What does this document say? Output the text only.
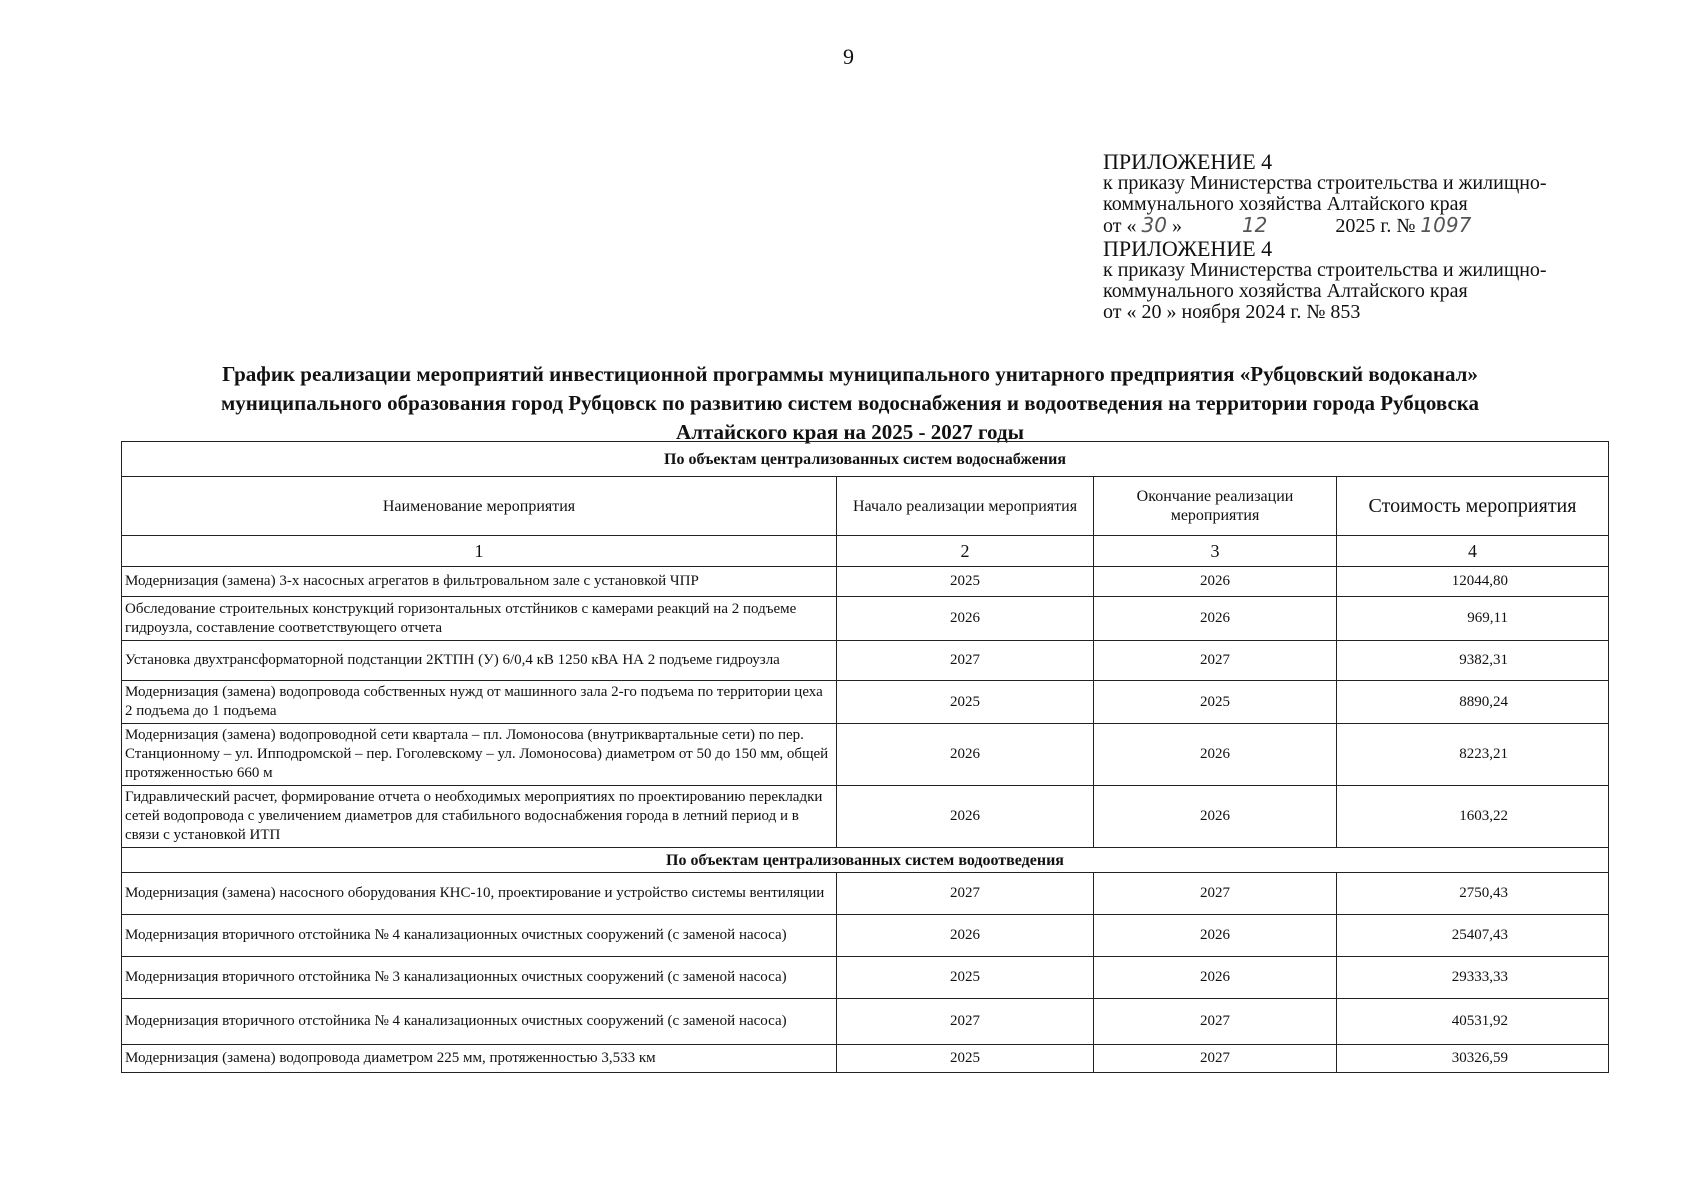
9
ПРИЛОЖЕНИЕ 4
к приказу Министерства строительства и жилищно-
коммунального хозяйства Алтайского края
от « 30 »	12	2025 г. № 1097
ПРИЛОЖЕНИЕ 4
к приказу Министерства строительства и жилищно-
коммунального хозяйства Алтайского края
от « 20 » ноября 2024 г. № 853
График реализации мероприятий инвестиционной программы муниципального унитарного предприятия «Рубцовский водоканал»
муниципального образования город Рубцовск по развитию систем водоснабжения и водоотведения на территории города Рубцовска
Алтайского края на 2025 - 2027 годы
По объектам централизованных систем водоснабжения			
Наименование мероприятия	Начало реализации мероприятия	Окончание реализации мероприятия	Стоимость мероприятия
1	2	3	4
Модернизация (замена) 3-х насосных агрегатов в фильтровальном зале с установкой ЧПР	2025	2026	12044,80
Обследование строительных конструкций горизонтальных отстйников с камерами реакций на 2 подъеме гидроузла, составление соответствующего отчета	2026	2026	969,11
Установка двухтрансформаторной подстанции 2КТПН (У) 6/0,4 кВ 1250 кВА НА 2 подъеме гидроузла	2027	2027	9382,31
Модернизация (замена) водопровода собственных нужд от машинного зала 2-го подъема по территории цеха 2 подъема до 1 подъема	2025	2025	8890,24
Модернизация (замена) водопроводной сети квартала – пл. Ломоносова (внутриквартальные сети) по пер. Станционному – ул. Ипподромской – пер. Гоголевскому – ул. Ломоносова) диаметром от 50 до 150 мм, общей протяженностью 660 м	2026	2026	8223,21
Гидравлический расчет, формирование отчета о необходимых мероприятиях по проектированию перекладки сетей водопровода с увеличением диаметров для стабильного водоснабжения города в летний период и в связи с установкой ИТП	2026	2026	1603,22
По объектам централизованных систем водоотведения			
Модернизация (замена) насосного оборудования КНС-10, проектирование и устройство системы вентиляции	2027	2027	2750,43
Модернизация вторичного отстойника № 4 канализационных очистных сооружений (с заменой насоса)	2026	2026	25407,43
Модернизация вторичного отстойника № 3 канализационных очистных сооружений (с заменой насоса)	2025	2026	29333,33
Модернизация вторичного отстойника № 4 канализационных очистных сооружений (с заменой насоса)	2027	2027	40531,92
Модернизация (замена) водопровода диаметром 225 мм, протяженностью 3,533 км	2025	2027	30326,59
